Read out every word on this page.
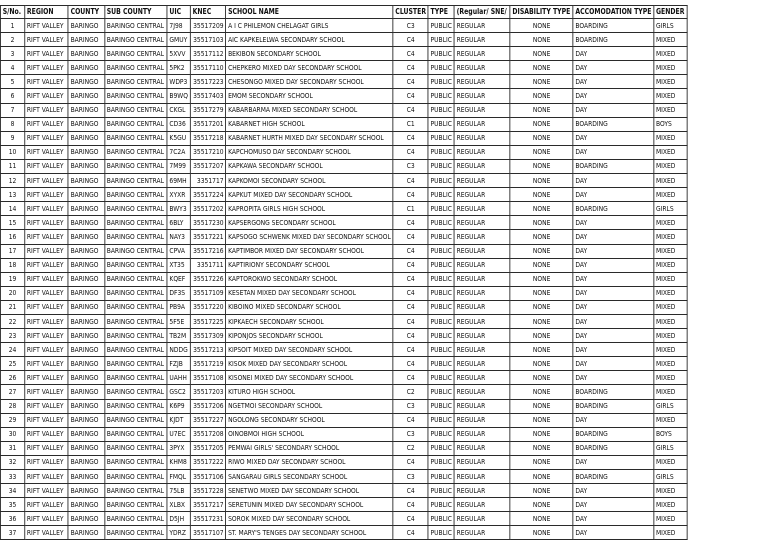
S/No.	REGION	COUNTY	SUB COUNTY	UIC	KNEC	SCHOOL NAME	CLUSTER	TYPE	(Regular/ SNE/	DISABILITY TYPE	ACCOMODATION TYPE	GENDER
1	RIFT VALLEY	BARINGO	BARINGO CENTRAL	7J98	35517209	A I C PHILEMON CHELAGAT GIRLS	C3	PUBLIC	REGULAR	NONE	BOARDING	GIRLS
2	RIFT VALLEY	BARINGO	BARINGO CENTRAL	GMUY	35517103	AIC KAPKELELWA SECONDARY SCHOOL	C4	PUBLIC	REGULAR	NONE	BOARDING	MIXED
3	RIFT VALLEY	BARINGO	BARINGO CENTRAL	5XVV	35517112	BEKIBON SECONDARY SCHOOL	C4	PUBLIC	REGULAR	NONE	DAY	MIXED
4	RIFT VALLEY	BARINGO	BARINGO CENTRAL	5PK2	35517110	CHEPKERO MIXED DAY SECONDARY SCHOOL	C4	PUBLIC	REGULAR	NONE	DAY	MIXED
5	RIFT VALLEY	BARINGO	BARINGO CENTRAL	WDP3	35517223	CHESONGO MIXED DAY SECONDARY SCHOOL	C4	PUBLIC	REGULAR	NONE	DAY	MIXED
6	RIFT VALLEY	BARINGO	BARINGO CENTRAL	B9WQ	35517403	EMOM SECONDARY SCHOOL	C4	PUBLIC	REGULAR	NONE	DAY	MIXED
7	RIFT VALLEY	BARINGO	BARINGO CENTRAL	CKGL	35517279	KABARBARMA MIXED SECONDARY SCHOOL	C4	PUBLIC	REGULAR	NONE	DAY	MIXED
8	RIFT VALLEY	BARINGO	BARINGO CENTRAL	CD36	35517201	KABARNET HIGH SCHOOL	C1	PUBLIC	REGULAR	NONE	BOARDING	BOYS
9	RIFT VALLEY	BARINGO	BARINGO CENTRAL	K5GU	35517218	KABARNET HURTH MIXED DAY SECONDARY SCHOOL	C4	PUBLIC	REGULAR	NONE	DAY	MIXED
10	RIFT VALLEY	BARINGO	BARINGO CENTRAL	7C2A	35517210	KAPCHOMUSO DAY SECONDARY SCHOOL	C4	PUBLIC	REGULAR	NONE	DAY	MIXED
11	RIFT VALLEY	BARINGO	BARINGO CENTRAL	7M99	35517207	KAPKAWA SECONDARY SCHOOL	C3	PUBLIC	REGULAR	NONE	BOARDING	MIXED
12	RIFT VALLEY	BARINGO	BARINGO CENTRAL	69MH	3351717	KAPKOMOI SECONDARY SCHOOL	C4	PUBLIC	REGULAR	NONE	DAY	MIXED
13	RIFT VALLEY	BARINGO	BARINGO CENTRAL	XYXR	35517224	KAPKUT MIXED DAY SECONDARY SCHOOL	C4	PUBLIC	REGULAR	NONE	DAY	MIXED
14	RIFT VALLEY	BARINGO	BARINGO CENTRAL	BWY3	35517202	KAPROPITA GIRLS HIGH SCHOOL	C1	PUBLIC	REGULAR	NONE	BOARDING	GIRLS
15	RIFT VALLEY	BARINGO	BARINGO CENTRAL	6BLY	35517230	KAPSERGONG SECONDARY SCHOOL	C4	PUBLIC	REGULAR	NONE	DAY	MIXED
16	RIFT VALLEY	BARINGO	BARINGO CENTRAL	NAY3	35517221	KAPSOGO SCHWENK MIXED DAY SECONDARY SCHOOL	C4	PUBLIC	REGULAR	NONE	DAY	MIXED
17	RIFT VALLEY	BARINGO	BARINGO CENTRAL	CPVA	35517216	KAPTIMBOR MIXED DAY SECONDARY SCHOOL	C4	PUBLIC	REGULAR	NONE	DAY	MIXED
18	RIFT VALLEY	BARINGO	BARINGO CENTRAL	XT35	3351711	KAPTIRIONY SECONDARY SCHOOL	C4	PUBLIC	REGULAR	NONE	DAY	MIXED
19	RIFT VALLEY	BARINGO	BARINGO CENTRAL	KQEF	35517226	KAPTOROKWO SECONDARY SCHOOL	C4	PUBLIC	REGULAR	NONE	DAY	MIXED
20	RIFT VALLEY	BARINGO	BARINGO CENTRAL	DF3S	35517109	KESETAN MIXED DAY SECONDARY SCHOOL	C4	PUBLIC	REGULAR	NONE	DAY	MIXED
21	RIFT VALLEY	BARINGO	BARINGO CENTRAL	PB9A	35517220	KIBOINO MIXED SECONDARY SCHOOL	C4	PUBLIC	REGULAR	NONE	DAY	MIXED
22	RIFT VALLEY	BARINGO	BARINGO CENTRAL	5F5E	35517225	KIPKAECH SECONDARY SCHOOL	C4	PUBLIC	REGULAR	NONE	DAY	MIXED
23	RIFT VALLEY	BARINGO	BARINGO CENTRAL	TB2M	35517309	KIPONJOS SECONDARY SCHOOL	C4	PUBLIC	REGULAR	NONE	DAY	MIXED
24	RIFT VALLEY	BARINGO	BARINGO CENTRAL	NDDG	35517213	KIPSOIT MIXED DAY SECONDARY SCHOOL	C4	PUBLIC	REGULAR	NONE	DAY	MIXED
25	RIFT VALLEY	BARINGO	BARINGO CENTRAL	FZJB	35517219	KISOK MIXED DAY SECONDARY SCHOOL	C4	PUBLIC	REGULAR	NONE	DAY	MIXED
26	RIFT VALLEY	BARINGO	BARINGO CENTRAL	UAHH	35517108	KISONEI MIXED DAY SECONDARY SCHOOL	C4	PUBLIC	REGULAR	NONE	DAY	MIXED
27	RIFT VALLEY	BARINGO	BARINGO CENTRAL	GSC2	35517203	KITURO HIGH SCHOOL	C2	PUBLIC	REGULAR	NONE	BOARDING	MIXED
28	RIFT VALLEY	BARINGO	BARINGO CENTRAL	K6P9	35517206	NGETMOI SECONDARY SCHOOL	C3	PUBLIC	REGULAR	NONE	BOARDING	GIRLS
29	RIFT VALLEY	BARINGO	BARINGO CENTRAL	KJDT	35517227	NGOLONG SECONDARY SCHOOL	C4	PUBLIC	REGULAR	NONE	DAY	MIXED
30	RIFT VALLEY	BARINGO	BARINGO CENTRAL	U7EC	35517208	OINOBMOI HIGH SCHOOL	C3	PUBLIC	REGULAR	NONE	BOARDING	BOYS
31	RIFT VALLEY	BARINGO	BARINGO CENTRAL	3PYX	35517205	PEMWAI GIRLS' SECONDARY SCHOOL	C2	PUBLIC	REGULAR	NONE	BOARDING	GIRLS
32	RIFT VALLEY	BARINGO	BARINGO CENTRAL	KHM8	35517222	RIWO MIXED DAY SECONDARY SCHOOL	C4	PUBLIC	REGULAR	NONE	DAY	MIXED
33	RIFT VALLEY	BARINGO	BARINGO CENTRAL	FMQL	35517106	SANGARAU GIRLS SECONDARY SCHOOL	C3	PUBLIC	REGULAR	NONE	BOARDING	GIRLS
34	RIFT VALLEY	BARINGO	BARINGO CENTRAL	75LB	35517228	SENETWO MIXED DAY SECONDARY SCHOOL	C4	PUBLIC	REGULAR	NONE	DAY	MIXED
35	RIFT VALLEY	BARINGO	BARINGO CENTRAL	XLBX	35517217	SERETUNIN MIXED DAY SECONDARY SCHOOL	C4	PUBLIC	REGULAR	NONE	DAY	MIXED
36	RIFT VALLEY	BARINGO	BARINGO CENTRAL	D5JH	35517231	SOROK MIXED DAY SECONDARY SCHOOL	C4	PUBLIC	REGULAR	NONE	DAY	MIXED
37	RIFT VALLEY	BARINGO	BARINGO CENTRAL	YDRZ	35517107	ST. MARY'S TENGES DAY SECONDARY SCHOOL	C4	PUBLIC	REGULAR	NONE	DAY	MIXED
